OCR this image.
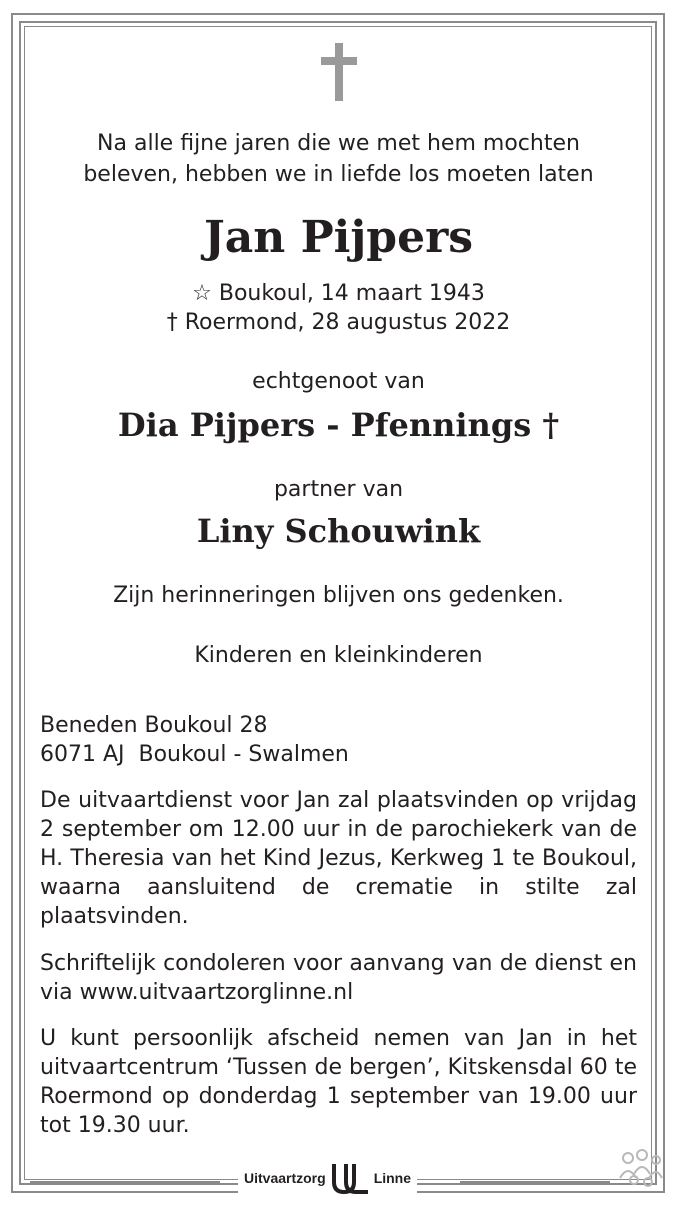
Na alle fijne jaren die we met hem mochten
beleven, hebben we in liefde los moeten laten
Jan Pijpers
☆ Boukoul, 14 maart 1943
† Roermond, 28 augustus 2022
echtgenoot van
Dia Pijpers - Pfennings †
partner van
Liny Schouwink
Zijn herinneringen blijven ons gedenken.
Kinderen en kleinkinderen
Beneden Boukoul 28
6071 AJ  Boukoul - Swalmen
De uitvaartdienst voor Jan zal plaatsvinden op vrijdag 2 september om 12.00 uur in de parochiekerk van de H. Theresia van het Kind Jezus, Kerkweg 1 te Boukoul, waarna aansluitend de crematie in stilte zal plaatsvinden.
Schriftelijk condoleren voor aanvang van de dienst en via www.uitvaartzorglinne.nl
U kunt persoonlijk afscheid nemen van Jan in het uitvaartcentrum ‘Tussen de bergen’, Kitskensdal 60 te Roermond op donderdag 1 september van 19.00 uur tot 19.30 uur.
Uitvaartzorg	Linne
